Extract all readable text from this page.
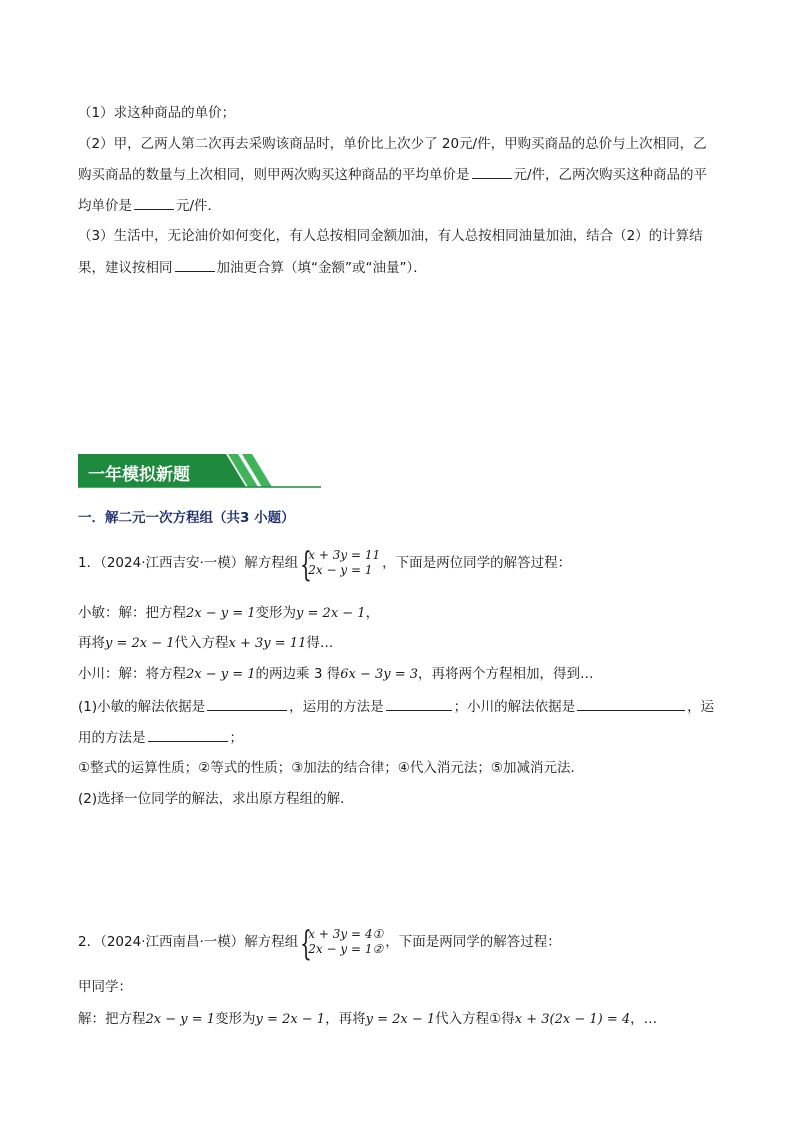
（1）求这种商品的单价；
（2）甲，乙两人第二次再去采购该商品时，单价比上次少了 20元/件，甲购买商品的总价与上次相同，乙
购买商品的数量与上次相同，则甲两次购买这种商品的平均单价是	元/件，乙两次购买这种商品的平
均单价是	元/件．
（3）生活中，无论油价如何变化，有人总按相同金额加油，有人总按相同油量加油，结合（2）的计算结
果，建议按相同	加油更合算（填“金额”或“油量”）．
一年模拟新题
一．解二元一次方程组（共3 小题）
1．（2024·江西吉安·一模）解方程组 {
x + 3y = 11
2x − y = 1 ，下面是两位同学的解答过程：
小敏：解：把方程2x − y = 1变形为y = 2x − 1，
再将y = 2x − 1代入方程x + 3y = 11得…
小川：解：将方程2x − y = 1的两边乘 3 得6x − 3y = 3，再将两个方程相加，得到…
(1)小敏的解法依据是	，运用的方法是	；小川的解法依据是	，运
用的方法是	；
①整式的运算性质；②等式的性质；③加法的结合律；④代入消元法；⑤加减消元法．
(2)选择一位同学的解法，求出原方程组的解．
2．（2024·江西南昌·一模）解方程组 {
x + 3y = 4①
2x − y = 1② ，下面是两同学的解答过程：
甲同学：
解：把方程2x − y = 1变形为y = 2x − 1，再将y = 2x − 1代入方程①得x + 3(2x − 1) = 4，…
